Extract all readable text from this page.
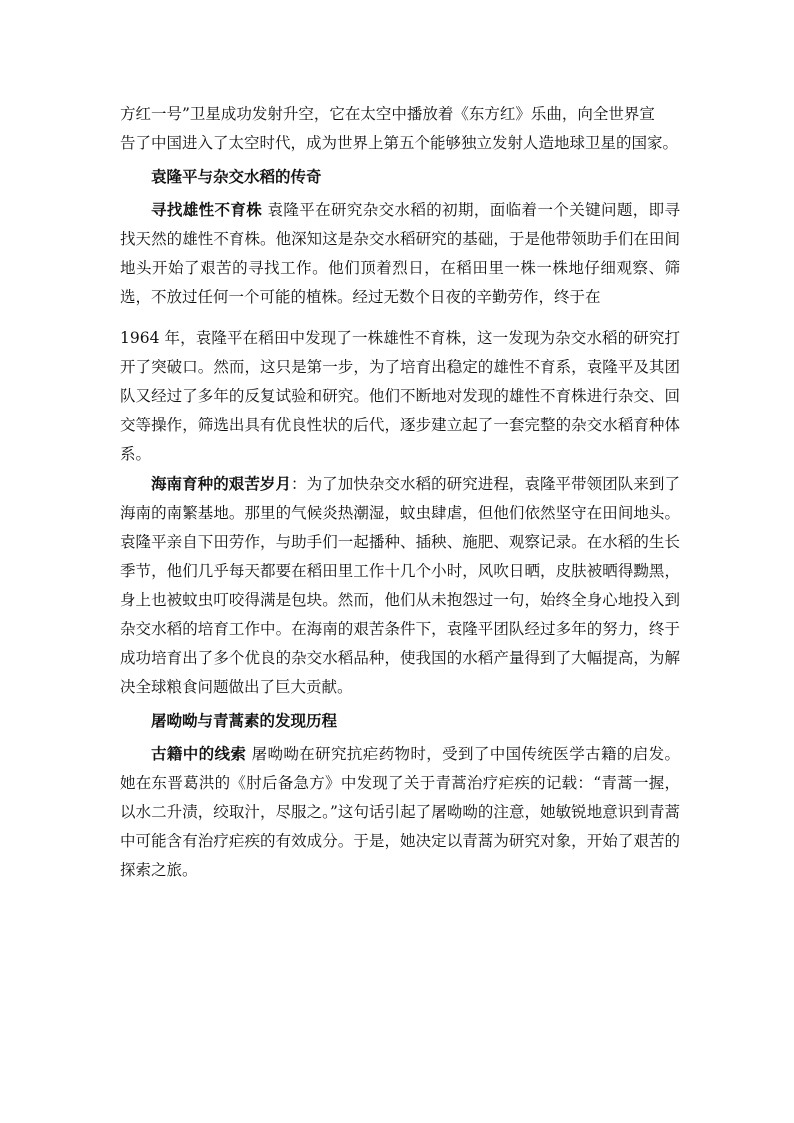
方红一号”卫星成功发射升空，它在太空中播放着《东方红》乐曲，向全世界宣
告了中国进入了太空时代，成为世界上第五个能够独立发射人造地球卫星的国家。

袁隆平与杂交水稻的传奇

寻找雄性不育株 袁隆平在研究杂交水稻的初期，面临着一个关键问题，即寻找天然的雄性不育株。他深知这是杂交水稻研究的基础，于是他带领助手们在田间地头开始了艰苦的寻找工作。他们顶着烈日，在稻田里一株一株地仔细观察、筛选，不放过任何一个可能的植株。经过无数个日夜的辛勤劳作，终于在

1964 年，袁隆平在稻田中发现了一株雄性不育株，这一发现为杂交水稻的研究打开了突破口。然而，这只是第一步，为了培育出稳定的雄性不育系，袁隆平及其团队又经过了多年的反复试验和研究。他们不断地对发现的雄性不育株进行杂交、回交等操作，筛选出具有优良性状的后代，逐步建立起了一套完整的杂交水稻育种体系。

海南育种的艰苦岁月：为了加快杂交水稻的研究进程，袁隆平带领团队来到了海南的南繁基地。那里的气候炎热潮湿，蚊虫肆虐，但他们依然坚守在田间地头。袁隆平亲自下田劳作，与助手们一起播种、插秧、施肥、观察记录。在水稻的生长季节，他们几乎每天都要在稻田里工作十几个小时，风吹日晒，皮肤被晒得黝黑，身上也被蚊虫叮咬得满是包块。然而，他们从未抱怨过一句，始终全身心地投入到杂交水稻的培育工作中。在海南的艰苦条件下，袁隆平团队经过多年的努力，终于成功培育出了多个优良的杂交水稻品种，使我国的水稻产量得到了大幅提高，为解决全球粮食问题做出了巨大贡献。

屠呦呦与青蒿素的发现历程

古籍中的线索 屠呦呦在研究抗疟药物时，受到了中国传统医学古籍的启发。她在东晋葛洪的《肘后备急方》中发现了关于青蒿治疗疟疾的记载：“青蒿一握，以水二升渍，绞取汁，尽服之。”这句话引起了屠呦呦的注意，她敏锐地意识到青蒿中可能含有治疗疟疾的有效成分。于是，她决定以青蒿为研究对象，开始了艰苦的探索之旅。
